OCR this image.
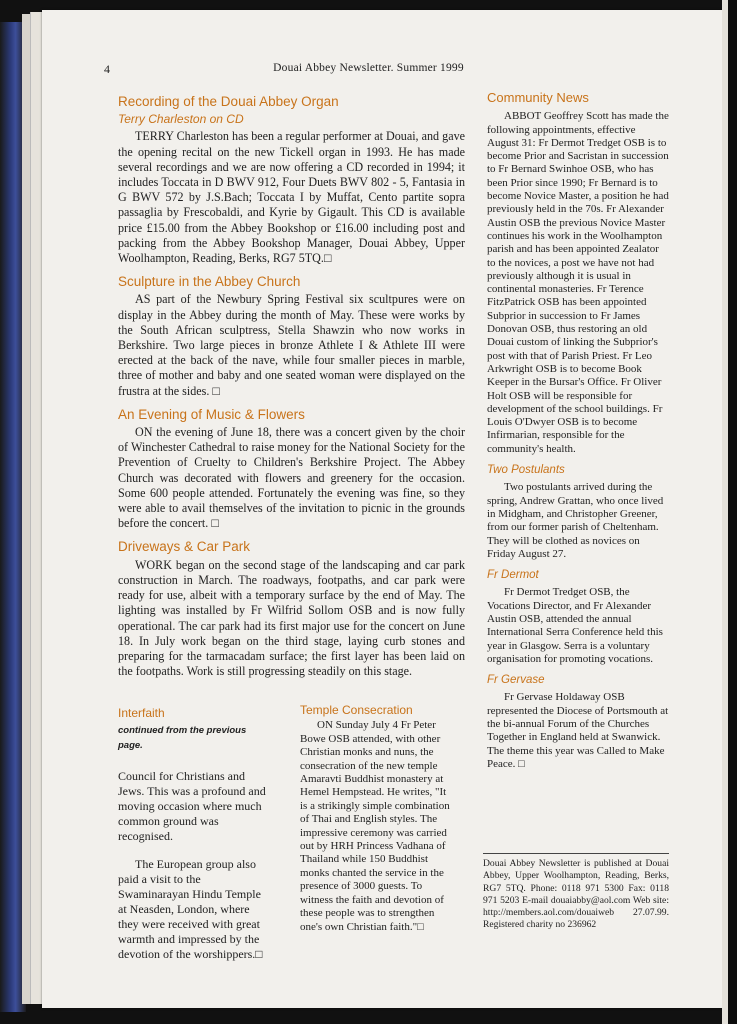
4	Douai Abbey Newsletter. Summer 1999
Recording of the Douai Abbey Organ
Terry Charleston on CD

TERRY Charleston has been a regular performer at Douai, and gave the opening recital on the new Tickell organ in 1993. He has made several recordings and we are now offering a CD recorded in 1994; it includes Toccata in D BWV 912, Four Duets BWV 802 - 5, Fantasia in G BWV 572 by J.S.Bach; Toccata I by Muffat, Cento partite sopra passaglia by Frescobaldi, and Kyrie by Gigault. This CD is available price £15.00 from the Abbey Bookshop or £16.00 including post and packing from the Abbey Bookshop Manager, Douai Abbey, Upper Woolhampton, Reading, Berks, RG7 5TQ.□

Sculpture in the Abbey Church

AS part of the Newbury Spring Festival six scultpures were on display in the Abbey during the month of May. These were works by the South African sculptress, Stella Shawzin who now works in Berkshire. Two large pieces in bronze Athlete I & Athlete III were erected at the back of the nave, while four smaller pieces in marble, three of mother and baby and one seated woman were displayed on the frustra at the sides. □

An Evening of Music & Flowers

ON the evening of June 18, there was a concert given by the choir of Winchester Cathedral to raise money for the National Society for the Prevention of Cruelty to Children's Berkshire Project. The Abbey Church was decorated with flowers and greenery for the occasion. Some 600 people attended. Fortunately the evening was fine, so they were able to avail themselves of the invitation to picnic in the grounds before the concert. □

Driveways & Car Park

WORK began on the second stage of the landscaping and car park construction in March. The roadways, footpaths, and car park were ready for use, albeit with a temporary surface by the end of May. The lighting was installed by Fr Wilfrid Sollom OSB and is now fully operational. The car park had its first major use for the concert on June 18. In July work began on the third stage, laying curb stones and preparing for the tarmacadam surface; the first layer has been laid on the footpaths. Work is still progressing steadily on this stage.

Interfaith
continued from the previous page.

Council for Christians and Jews. This was a profound and moving occasion where much common ground was recognised.

The European group also paid a visit to the Swaminarayan Hindu Temple at Neasden, London, where they were received with great warmth and impressed by the devotion of the worshippers.□

Temple Consecration

ON Sunday July 4 Fr Peter Bowe OSB attended, with other Christian monks and nuns, the consecration of the new temple Amaravti Buddhist monastery at Hemel Hempstead. He writes, "It is a strikingly simple combination of Thai and English styles. The impressive ceremony was carried out by HRH Princess Vadhana of Thailand while 150 Buddhist monks chanted the service in the presence of 3000 guests. To witness the faith and devotion of these people was to strengthen one's own Christian faith."□

Community News

ABBOT Geoffrey Scott has made the following appointments, effective August 31: Fr Dermot Tredget OSB is to become Prior and Sacristan in succession to Fr Bernard Swinhoe OSB, who has been Prior since 1990; Fr Bernard is to become Novice Master, a position he had previously held in the 70s. Fr Alexander Austin OSB the previous Novice Master continues his work in the Woolhampton parish and has been appointed Zealator to the novices, a post we have not had previously although it is usual in continental monasteries. Fr Terence FitzPatrick OSB has been appointed Subprior in succession to Fr James Donovan OSB, thus restoring an old Douai custom of linking the Subprior's post with that of Parish Priest. Fr Leo Arkwright OSB is to become Book Keeper in the Bursar's Office. Fr Oliver Holt OSB will be responsible for development of the school buildings. Fr Louis O'Dwyer OSB is to become Infirmarian, responsible for the community's health.

Two Postulants

Two postulants arrived during the spring, Andrew Grattan, who once lived in Midgham, and Christopher Greener, from our former parish of Cheltenham. They will be clothed as novices on Friday August 27.

Fr Dermot

Fr Dermot Tredget OSB, the Vocations Director, and Fr Alexander Austin OSB, attended the annual International Serra Conference held this year in Glasgow. Serra is a voluntary organisation for promoting vocations.

Fr Gervase

Fr Gervase Holdaway OSB represented the Diocese of Portsmouth at the bi-annual Forum of the Churches Together in England held at Swanwick. The theme this year was Called to Make Peace. □

Douai Abbey Newsletter is published at Douai Abbey, Upper Woolhampton, Reading, Berks, RG7 5TQ. Phone: 0118 971 5300 Fax: 0118 971 5203 E-mail douaiabby@aol.com Web site: http://members.aol.com/douaiweb 27.07.99. Registered charity no 236962
